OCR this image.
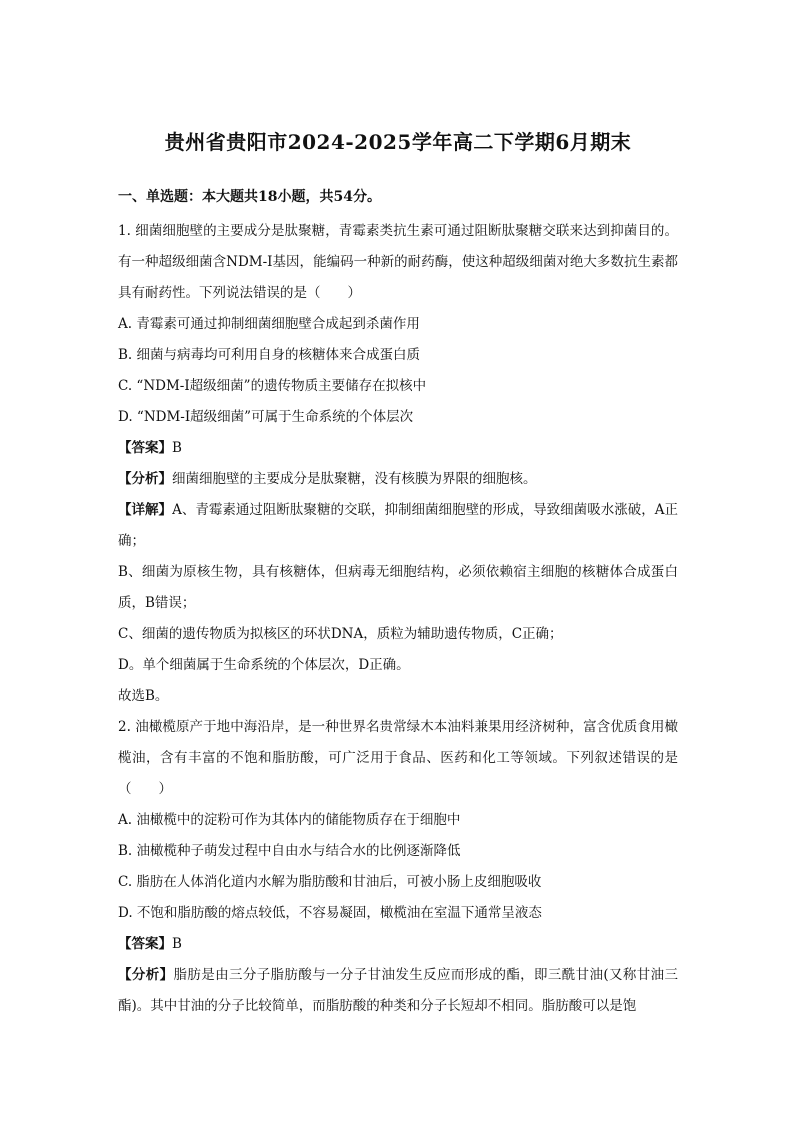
贵州省贵阳市2024-2025学年高二下学期6月期末
一、单选题：本大题共18小题，共54分。

1. 细菌细胞壁的主要成分是肽聚糖，青霉素类抗生素可通过阻断肽聚糖交联来达到抑菌目的。有一种超级细菌含NDM-Ⅰ基因，能编码一种新的耐药酶，使这种超级细菌对绝大多数抗生素都具有耐药性。下列说法错误的是（　　）

A. 青霉素可通过抑制细菌细胞壁合成起到杀菌作用

B. 细菌与病毒均可利用自身的核糖体来合成蛋白质

C. “NDM-Ⅰ超级细菌”的遗传物质主要储存在拟核中

D. “NDM-Ⅰ超级细菌”可属于生命系统的个体层次

【答案】B

【分析】细菌细胞壁的主要成分是肽聚糖，没有核膜为界限的细胞核。

【详解】A、青霉素通过阻断肽聚糖的交联，抑制细菌细胞壁的形成，导致细菌吸水涨破，A正确；

B、细菌为原核生物，具有核糖体，但病毒无细胞结构，必须依赖宿主细胞的核糖体合成蛋白质，B错误；

C、细菌的遗传物质为拟核区的环状DNA，质粒为辅助遗传物质，C正确；

D。单个细菌属于生命系统的个体层次，D正确。

故选B。

2. 油橄榄原产于地中海沿岸，是一种世界名贵常绿木本油料兼果用经济树种，富含优质食用橄榄油，含有丰富的不饱和脂肪酸，可广泛用于食品、医药和化工等领域。下列叙述错误的是（　　）

A. 油橄榄中的淀粉可作为其体内的储能物质存在于细胞中

B. 油橄榄种子萌发过程中自由水与结合水的比例逐渐降低

C. 脂肪在人体消化道内水解为脂肪酸和甘油后，可被小肠上皮细胞吸收

D. 不饱和脂肪酸的熔点较低，不容易凝固，橄榄油在室温下通常呈液态

【答案】B

【分析】脂肪是由三分子脂肪酸与一分子甘油发生反应而形成的酯，即三酰甘油(又称甘油三酯)。其中甘油的分子比较简单，而脂肪酸的种类和分子长短却不相同。脂肪酸可以是饱
